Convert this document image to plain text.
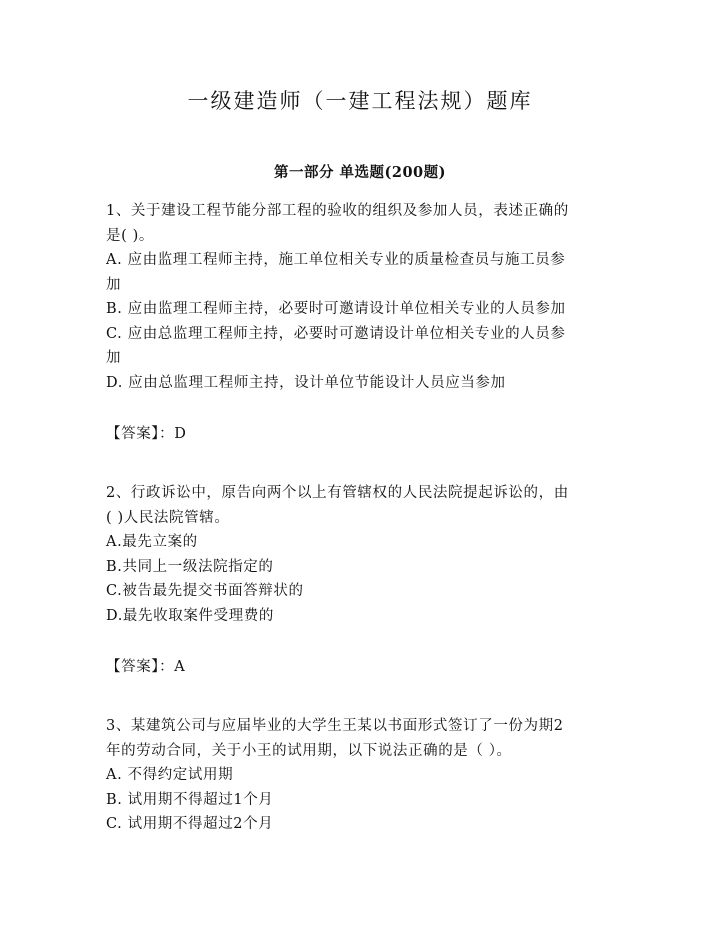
一级建造师（一建工程法规）题库
第一部分 单选题(200题)

1、关于建设工程节能分部工程的验收的组织及参加人员，表述正确的

是( )。

A. 应由监理工程师主持，施工单位相关专业的质量检查员与施工员参

加

B. 应由监理工程师主持，必要时可邀请设计单位相关专业的人员参加

C. 应由总监理工程师主持，必要时可邀请设计单位相关专业的人员参

加

D. 应由总监理工程师主持，设计单位节能设计人员应当参加

【答案】：D

2、行政诉讼中，原告向两个以上有管辖权的人民法院提起诉讼的，由

( )人民法院管辖。

A.最先立案的

B.共同上一级法院指定的

C.被告最先提交书面答辩状的

D.最先收取案件受理费的

【答案】：A

3、某建筑公司与应届毕业的大学生王某以书面形式签订了一份为期2

年的劳动合同，关于小王的试用期，以下说法正确的是（ ）。

A. 不得约定试用期

B. 试用期不得超过1个月

C. 试用期不得超过2个月
